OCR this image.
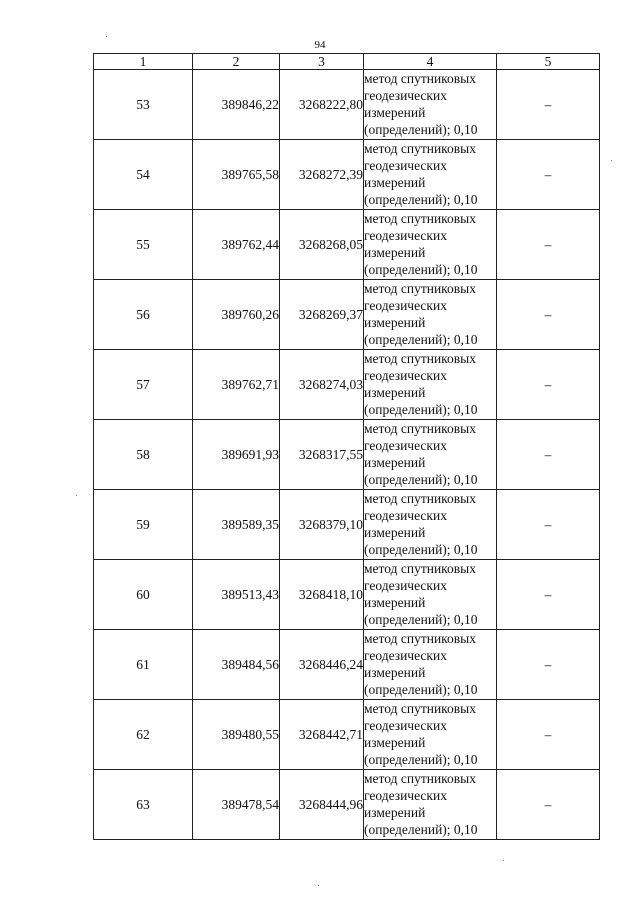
94
1	2	3	4	5
53	389846,22	3268222,80	метод спутниковых
геодезических
измерений
(определений); 0,10	–
54	389765,58	3268272,39	метод спутниковых
геодезических
измерений
(определений); 0,10	–
55	389762,44	3268268,05	метод спутниковых
геодезических
измерений
(определений); 0,10	–
56	389760,26	3268269,37	метод спутниковых
геодезических
измерений
(определений); 0,10	–
57	389762,71	3268274,03	метод спутниковых
геодезических
измерений
(определений); 0,10	–
58	389691,93	3268317,55	метод спутниковых
геодезических
измерений
(определений); 0,10	–
59	389589,35	3268379,10	метод спутниковых
геодезических
измерений
(определений); 0,10	–
60	389513,43	3268418,10	метод спутниковых
геодезических
измерений
(определений); 0,10	–
61	389484,56	3268446,24	метод спутниковых
геодезических
измерений
(определений); 0,10	–
62	389480,55	3268442,71	метод спутниковых
геодезических
измерений
(определений); 0,10	–
63	389478,54	3268444,96	метод спутниковых
геодезических
измерений
(определений); 0,10	–
